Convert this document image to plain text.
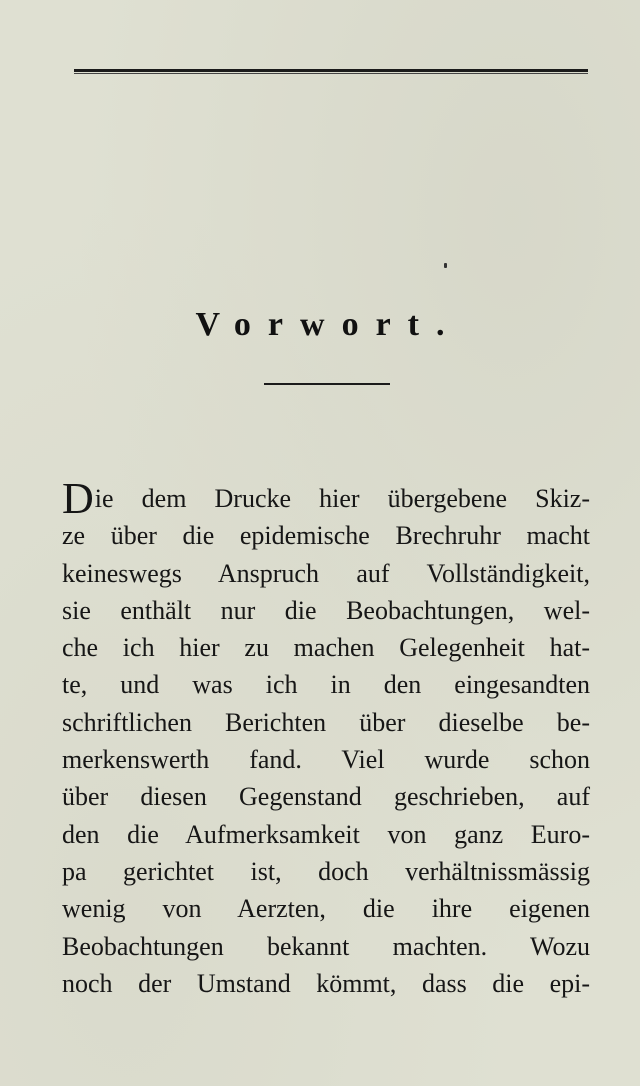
Vorwort.
Die dem Drucke hier übergebene Skiz-
ze über die epidemische Brechruhr macht
keineswegs Anspruch auf Vollständigkeit,
sie enthält nur die Beobachtungen, wel-
che ich hier zu machen Gelegenheit hat-
te, und was ich in den eingesandten
schriftlichen Berichten über dieselbe be-
merkenswerth fand. Viel wurde schon
über diesen Gegenstand geschrieben, auf
den die Aufmerksamkeit von ganz Euro-
pa gerichtet ist, doch verhältnissmässig
wenig von Aerzten, die ihre eigenen
Beobachtungen bekannt machten. Wozu
noch der Umstand kömmt, dass die epi-
